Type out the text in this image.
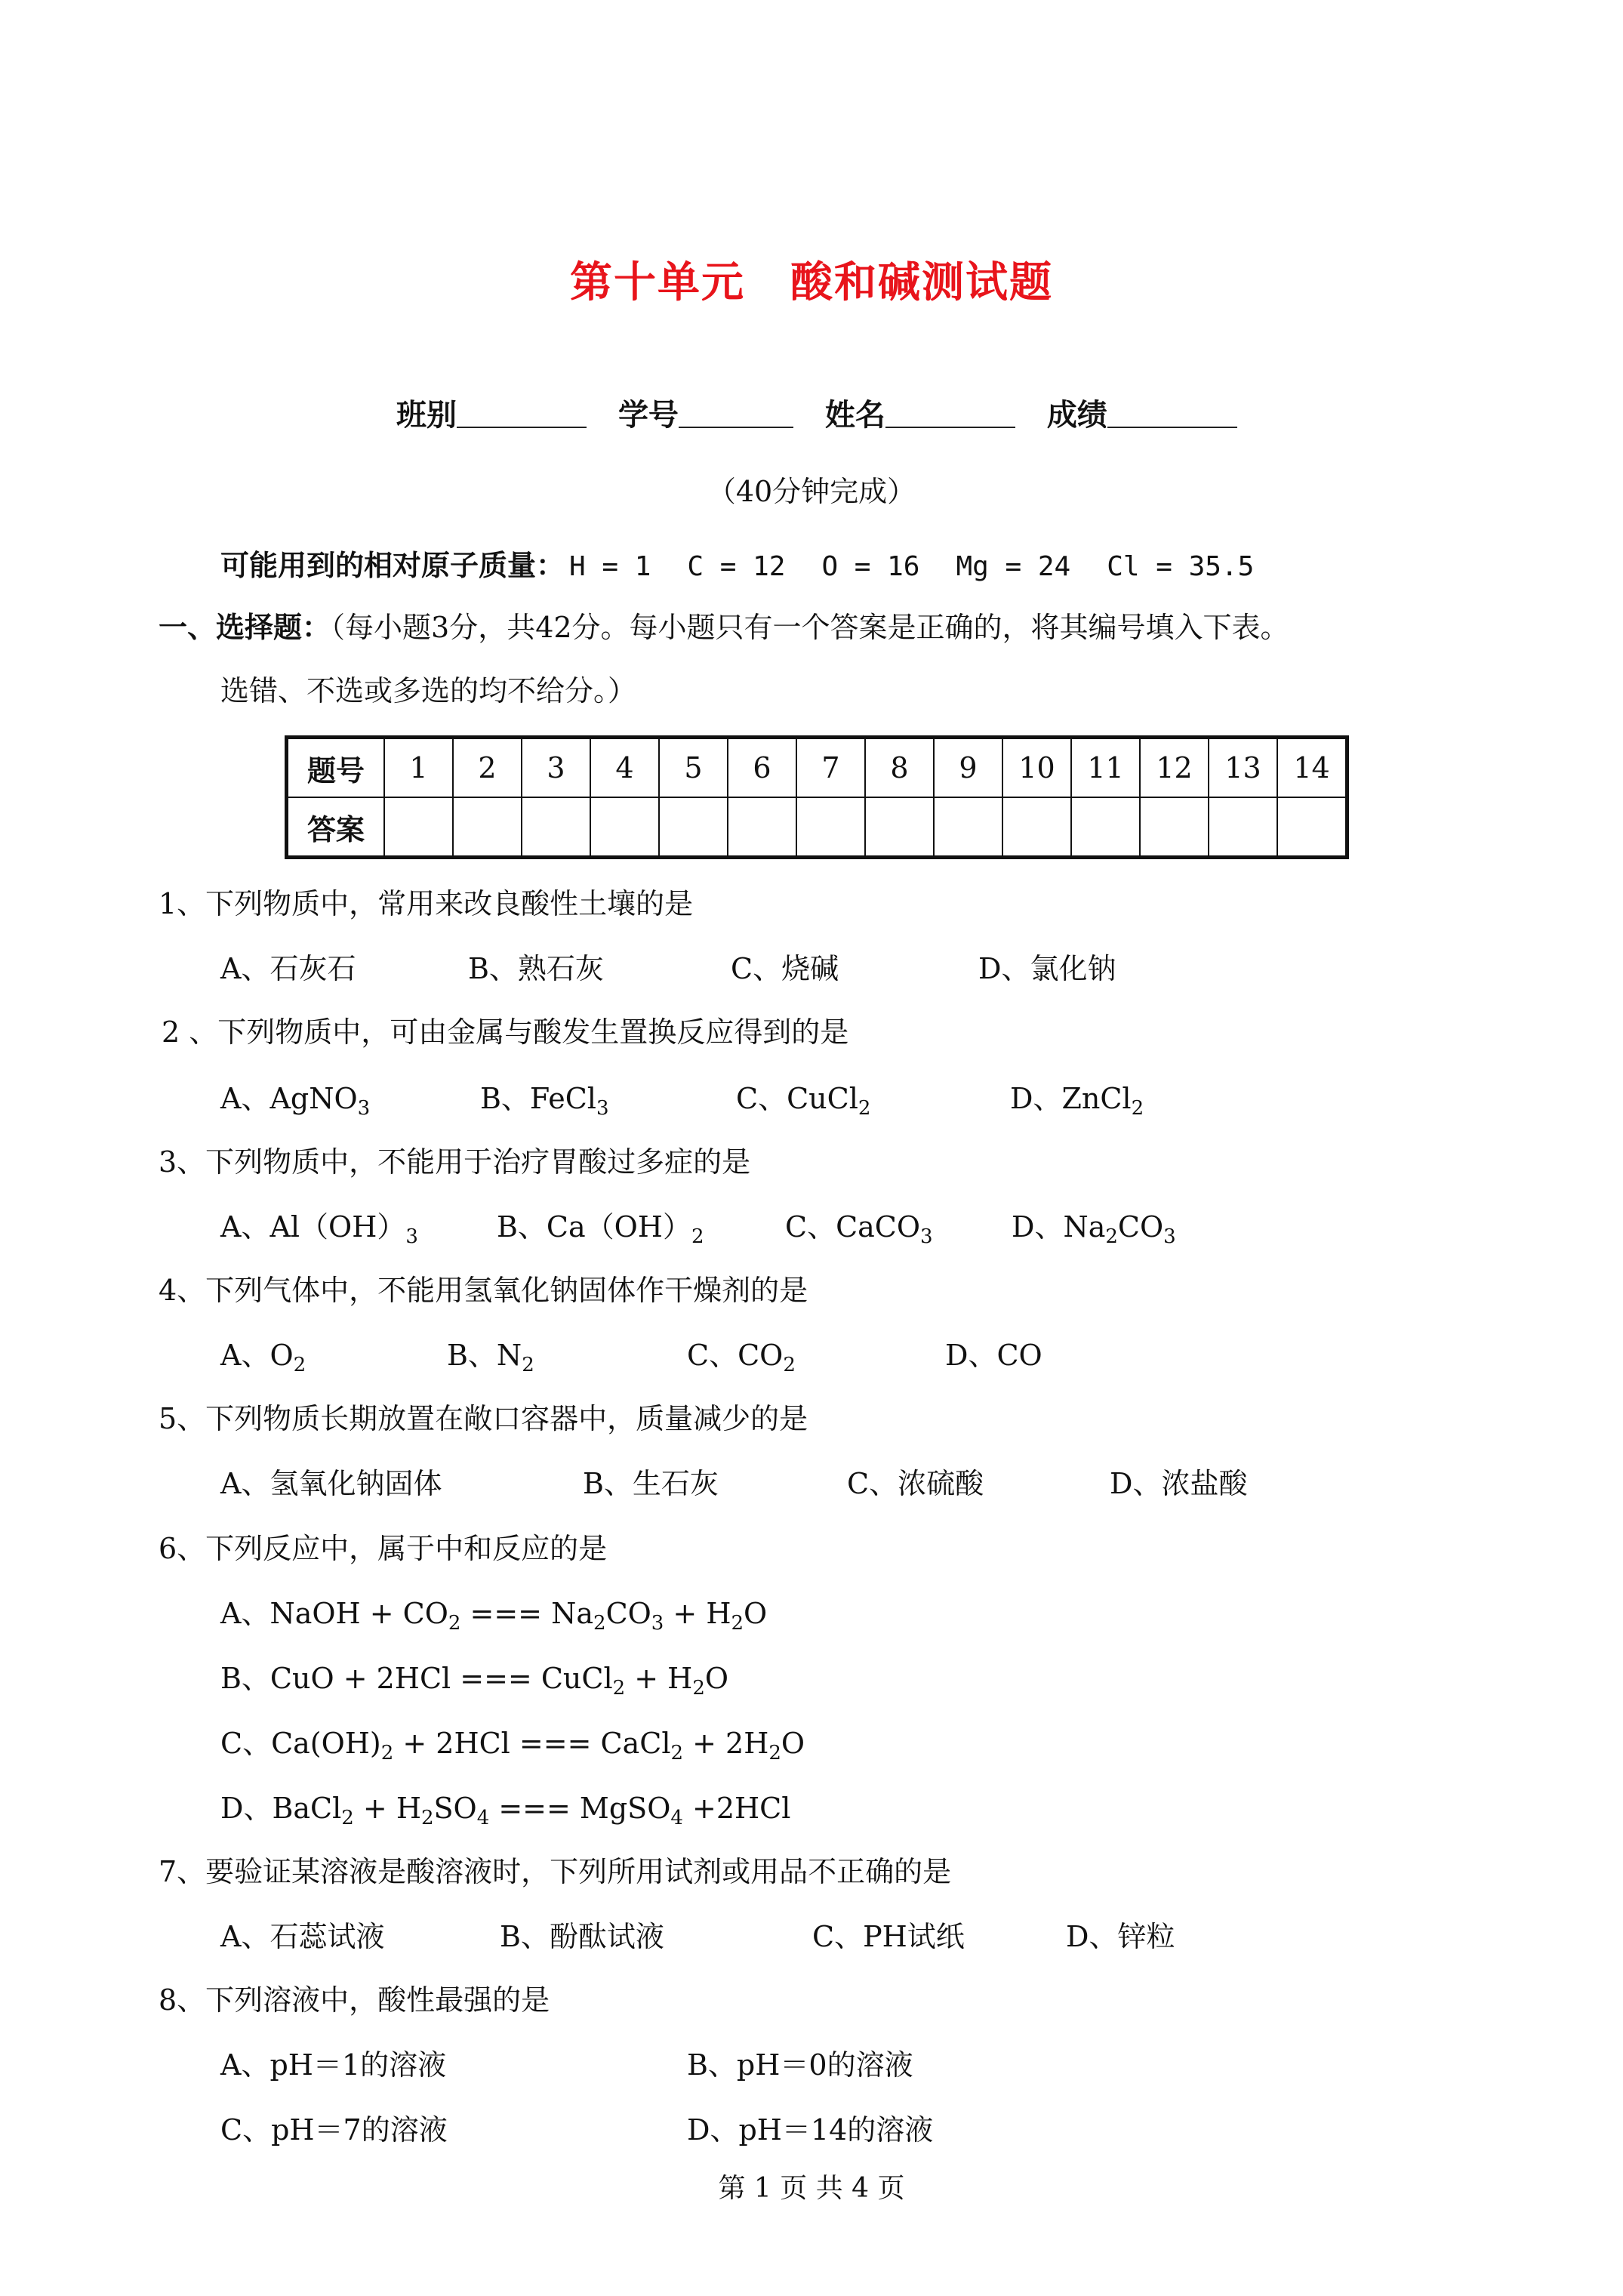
第十单元 酸和碱测试题
班别	学号	姓名	成绩
（40分钟完成）
可能用到的相对原子质量： H = 1 C = 12 O = 16 Mg = 24 Cl = 35.5
一、选择题：（每小题3分，共42分。每小题只有一个答案是正确的，将其编号填入下表。
选错、不选或多选的均不给分。）
题号	1	2	3	4	5	6	7	8	9	10	11	12	13	14
答案														
1、下列物质中，常用来改良酸性土壤的是
A、石灰石	B、熟石灰	C、烧碱	D、氯化钠
2 、下列物质中，可由金属与酸发生置换反应得到的是
A、AgNO$_3$	B、FeCl$_3$	C、CuCl$_2$	D、ZnCl$_2$
3、下列物质中，不能用于治疗胃酸过多症的是
A、$Al(OH)_3$	B、$Ca(OH)_2$	C、CaCO$_3$	D、$Na_2CO_3$
4、下列气体中，不能用氢氧化钠固体作干燥剂的是
A、$O_2$	B、$N_2$	C、$CO_2$	D、CO
5、下列物质长期放置在敞口容器中，质量减少的是
A、氢氧化钠固体	B、生石灰	C、浓硫酸	D、浓盐酸
6、下列反应中，属于中和反应的是
A、NaOH + $CO_2$ === $Na_2CO_3 + H_2O$
B、CuO + 2HCl === CuCl$_2$ + $H_2O$
C、$Ca(OH)_2 + 2HCl$ === CaCl$_2$ + $2H_2O$
D、BaCl$_2$ + $H_2SO_4$ === MgSO$_4$ +2HCl
7、要验证某溶液是酸溶液时，下列所用试剂或用品不正确的是
A、石蕊试液	B、酚酞试液	C、PH试纸	D、锌粒
8、下列溶液中，酸性最强的是
A、pH＝1的溶液	B、pH＝0的溶液
C、pH＝7的溶液	D、pH＝14的溶液
第 1 页 共 4 页
